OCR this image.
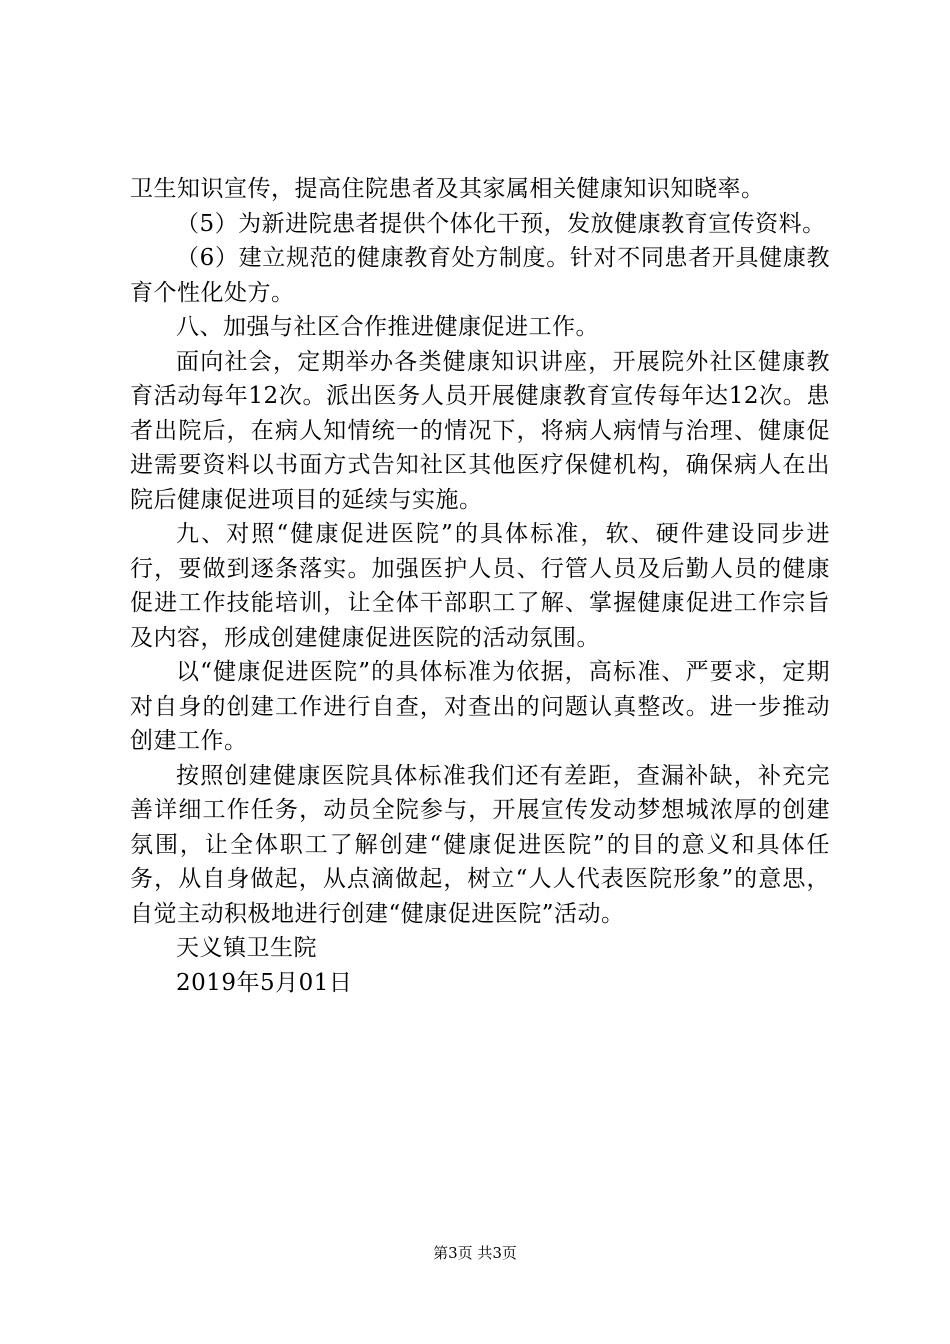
卫生知识宣传，提高住院患者及其家属相关健康知识知晓率。

（5）为新进院患者提供个体化干预，发放健康教育宣传资料。

（6）建立规范的健康教育处方制度。针对不同患者开具健康教育个性化处方。

八、加强与社区合作推进健康促进工作。

面向社会，定期举办各类健康知识讲座，开展院外社区健康教育活动每年12次。派出医务人员开展健康教育宣传每年达12次。患者出院后，在病人知情统一的情况下，将病人病情与治理、健康促进需要资料以书面方式告知社区其他医疗保健机构，确保病人在出院后健康促进项目的延续与实施。

九、对照“健康促进医院”的具体标准，软、硬件建设同步进行，要做到逐条落实。加强医护人员、行管人员及后勤人员的健康促进工作技能培训，让全体干部职工了解、掌握健康促进工作宗旨及内容，形成创建健康促进医院的活动氛围。

以“健康促进医院”的具体标准为依据，高标准、严要求，定期对自身的创建工作进行自查，对查出的问题认真整改。进一步推动创建工作。

按照创建健康医院具体标准我们还有差距，查漏补缺，补充完善详细工作任务，动员全院参与，开展宣传发动梦想城浓厚的创建氛围，让全体职工了解创建“健康促进医院”的目的意义和具体任务，从自身做起，从点滴做起，树立“人人代表医院形象”的意思，自觉主动积极地进行创建“健康促进医院”活动。

天义镇卫生院

2019年5月01日

第3页 共3页
